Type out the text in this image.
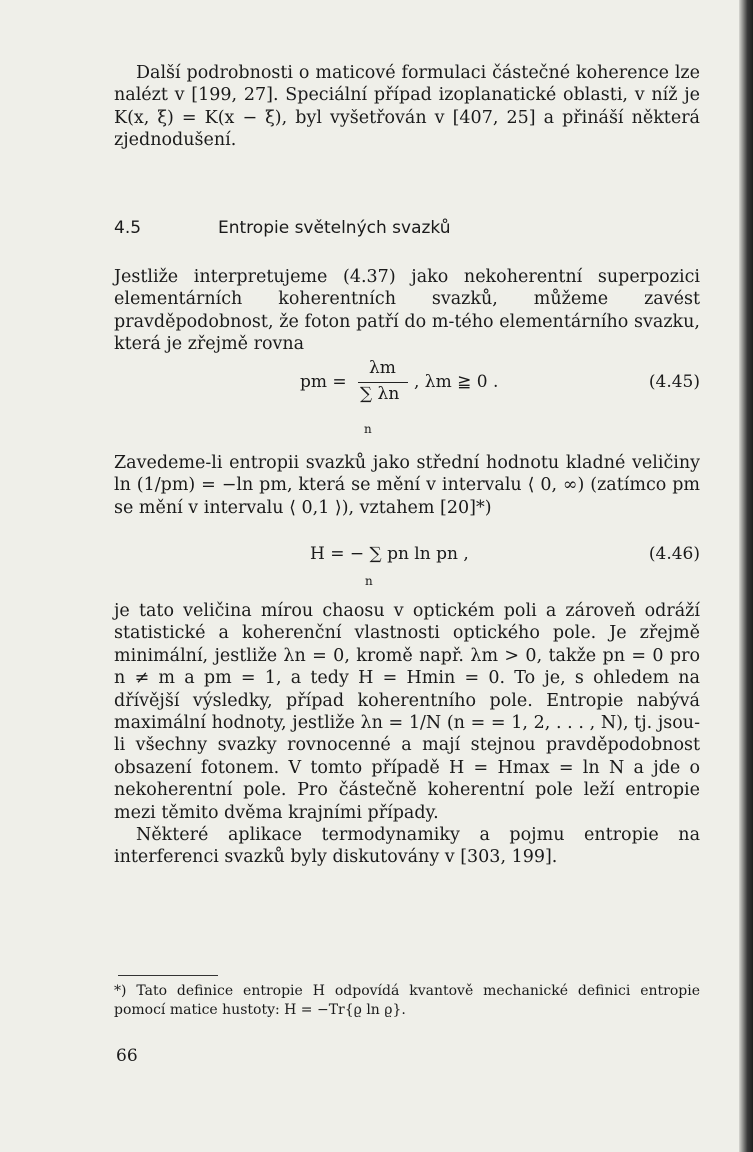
Další podrobnosti o maticové formulaci částečné koherence lze nalézt v [199, 27]. Speciální případ izoplanatické oblasti, v níž je K(x, ξ) = K(x − ξ), byl vyšetřován v [407, 25] a přináší některá zjednodušení.

4.5	Entropie světelných svazků

Jestliže interpretujeme (4.37) jako nekoherentní superpozici elementárních koherentních svazků, můžeme zavést pravděpodobnost, že foton patří do m-tého elementárního svazku, která je zřejmě rovna

pm =
λm
∑ λn
n
, λm ≧ 0 .	(4.45)

Zavedeme-li entropii svazků jako střední hodnotu kladné veličiny ln (1/pm) = −ln pm, která se mění v intervalu ⟨ 0, ∞) (zatímco pm se mění v intervalu ⟨ 0,1 ⟩), vztahem [20]*)

H = − ∑ pn ln pn ,
n
(4.46)

je tato veličina mírou chaosu v optickém poli a zároveň odráží statistické a koherenční vlastnosti optického pole. Je zřejmě minimální, jestliže λn = 0, kromě např. λm > 0, takže pn = 0 pro n ≠ m a pm = 1, a tedy H = Hmin = 0. To je, s ohledem na dřívější výsledky, případ koherentního pole. Entropie nabývá maximální hodnoty, jestliže λn = 1/N (n = = 1, 2, . . . , N), tj. jsou-li všechny svazky rovnocenné a mají stejnou pravděpodobnost obsazení fotonem. V tomto případě H = Hmax = ln N a jde o nekoherentní pole. Pro částečně koherentní pole leží entropie mezi těmito dvěma krajními případy.

Některé aplikace termodynamiky a pojmu entropie na interferenci svazků byly diskutovány v [303, 199].

*) Tato definice entropie H odpovídá kvantově mechanické definici entropie pomocí matice hustoty: H = −Tr{ϱ ln ϱ}.
66
